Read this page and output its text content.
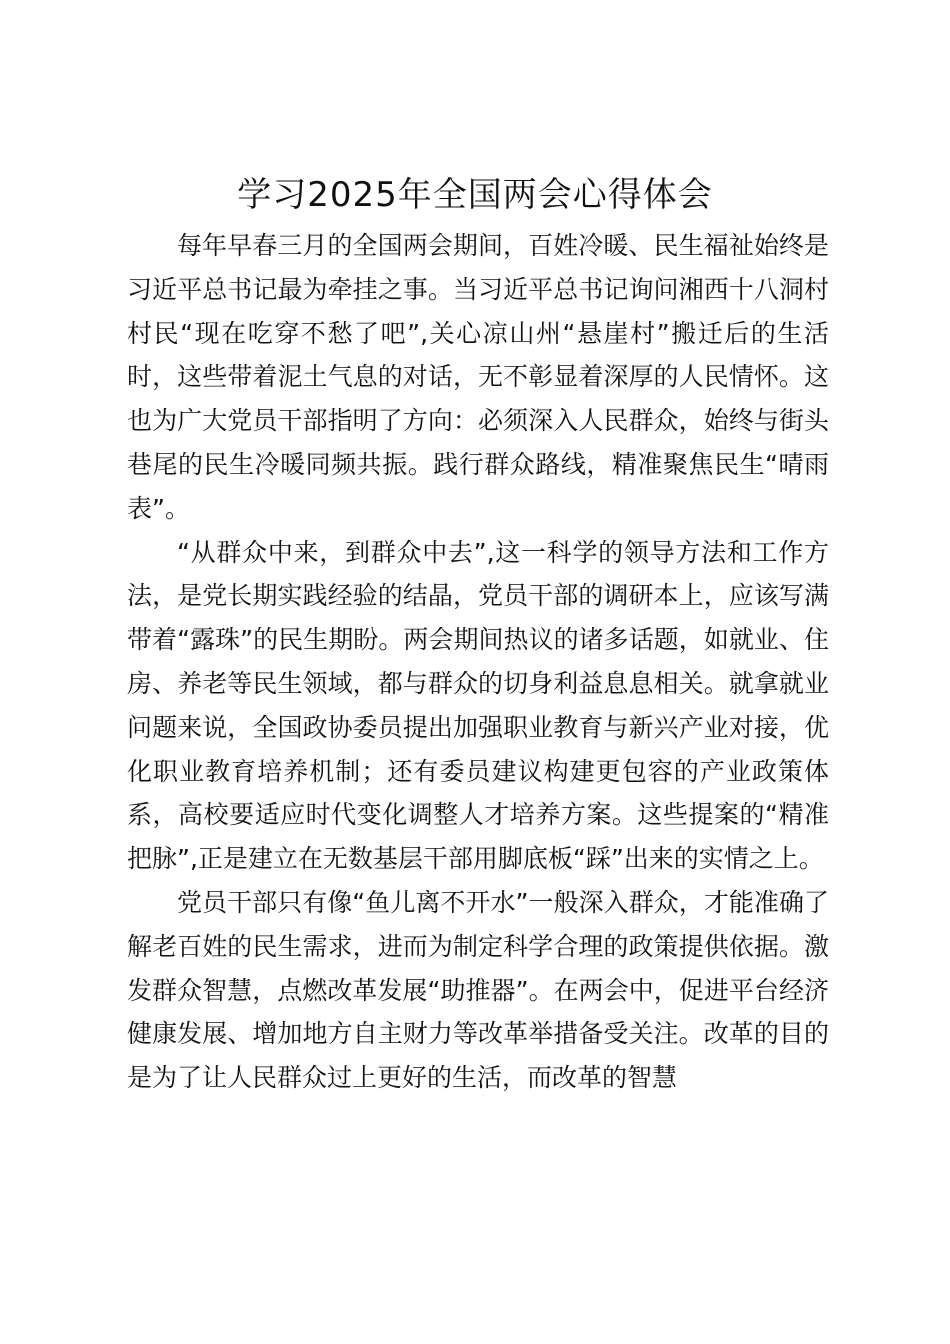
学习2025年全国两会心得体会

每年早春三月的全国两会期间，百姓冷暖、民生福祉始终是习近平总书记最为牵挂之事。当习近平总书记询问湘西十八洞村村民“现在吃穿不愁了吧”,关心凉山州“悬崖村”搬迁后的生活时，这些带着泥土气息的对话，无不彰显着深厚的人民情怀。这也为广大党员干部指明了方向：必须深入人民群众，始终与街头巷尾的民生冷暖同频共振。践行群众路线，精准聚焦民生“晴雨表”。

“从群众中来，到群众中去”,这一科学的领导方法和工作方法，是党长期实践经验的结晶，党员干部的调研本上，应该写满带着“露珠”的民生期盼。两会期间热议的诸多话题，如就业、住房、养老等民生领域，都与群众的切身利益息息相关。就拿就业问题来说，全国政协委员提出加强职业教育与新兴产业对接，优化职业教育培养机制；还有委员建议构建更包容的产业政策体系，高校要适应时代变化调整人才培养方案。这些提案的“精准把脉”,正是建立在无数基层干部用脚底板“踩”出来的实情之上。

党员干部只有像“鱼儿离不开水”一般深入群众，才能准确了解老百姓的民生需求，进而为制定科学合理的政策提供依据。激发群众智慧，点燃改革发展“助推器”。在两会中，促进平台经济健康发展、增加地方自主财力等改革举措备受关注。改革的目的是为了让人民群众过上更好的生活，而改革的智慧
